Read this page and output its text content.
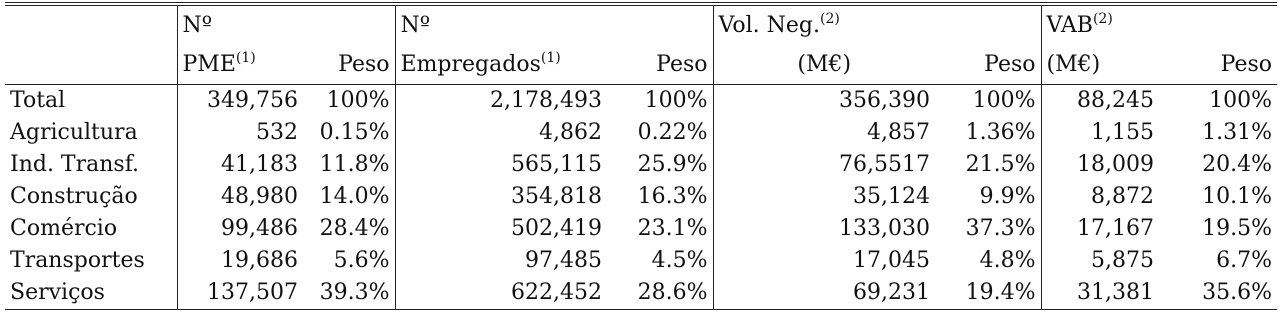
	Nº		Nº		Vol. Neg.$^{(2)}$		VAB$^{(2)}$	
	PME$^{(1)}$	Peso	Empregados$^{(1)}$	Peso	(M€)	Peso	(M€)	Peso
Total	349,756	100%	2,178,493	100%	356,390	100%	88,245	100%
Agricultura	532	0.15%	4,862	0.22%	4,857	1.36%	1,155	1.31%
Ind. Transf.	41,183	11.8%	565,115	25.9%	76,5517	21.5%	18,009	20.4%
Construção	48,980	14.0%	354,818	16.3%	35,124	9.9%	8,872	10.1%
Comércio	99,486	28.4%	502,419	23.1%	133,030	37.3%	17,167	19.5%
Transportes	19,686	5.6%	97,485	4.5%	17,045	4.8%	5,875	6.7%
Serviços	137,507	39.3%	622,452	28.6%	69,231	19.4%	31,381	35.6%
